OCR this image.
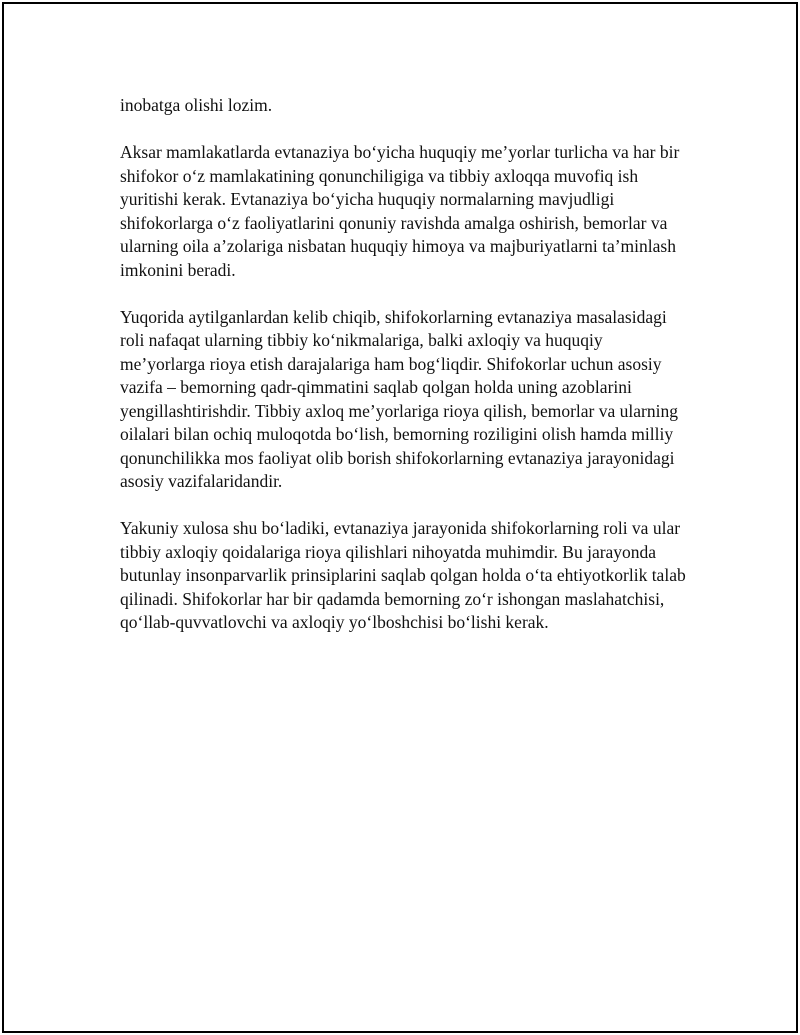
inobatga olishi lozim.

Aksar mamlakatlarda evtanaziya bo‘yicha huquqiy me’yorlar turlicha va har bir shifokor o‘z mamlakatining qonunchiligiga va tibbiy axloqqa muvofiq ish yuritishi kerak. Evtanaziya bo‘yicha huquqiy normalarning mavjudligi shifokorlarga o‘z faoliyatlarini qonuniy ravishda amalga oshirish, bemorlar va ularning oila a’zolariga nisbatan huquqiy himoya va majburiyatlarni ta’minlash imkonini beradi.

Yuqorida aytilganlardan kelib chiqib, shifokorlarning evtanaziya masalasidagi roli nafaqat ularning tibbiy ko‘nikmalariga, balki axloqiy va huquqiy me’yorlarga rioya etish darajalariga ham bog‘liqdir. Shifokorlar uchun asosiy vazifa – bemorning qadr-qimmatini saqlab qolgan holda uning azoblarini yengillashtirishdir. Tibbiy axloq me’yorlariga rioya qilish, bemorlar va ularning oilalari bilan ochiq muloqotda bo‘lish, bemorning roziligini olish hamda milliy qonunchilikka mos faoliyat olib borish shifokorlarning evtanaziya jarayonidagi asosiy vazifalaridandir.

Yakuniy xulosa shu bo‘ladiki, evtanaziya jarayonida shifokorlarning roli va ular tibbiy axloqiy qoidalariga rioya qilishlari nihoyatda muhimdir. Bu jarayonda butunlay insonparvarlik prinsiplarini saqlab qolgan holda o‘ta ehtiyotkorlik talab qilinadi. Shifokorlar har bir qadamda bemorning zo‘r ishongan maslahatchisi, qo‘llab-quvvatlovchi va axloqiy yo‘lboshchisi bo‘lishi kerak.
